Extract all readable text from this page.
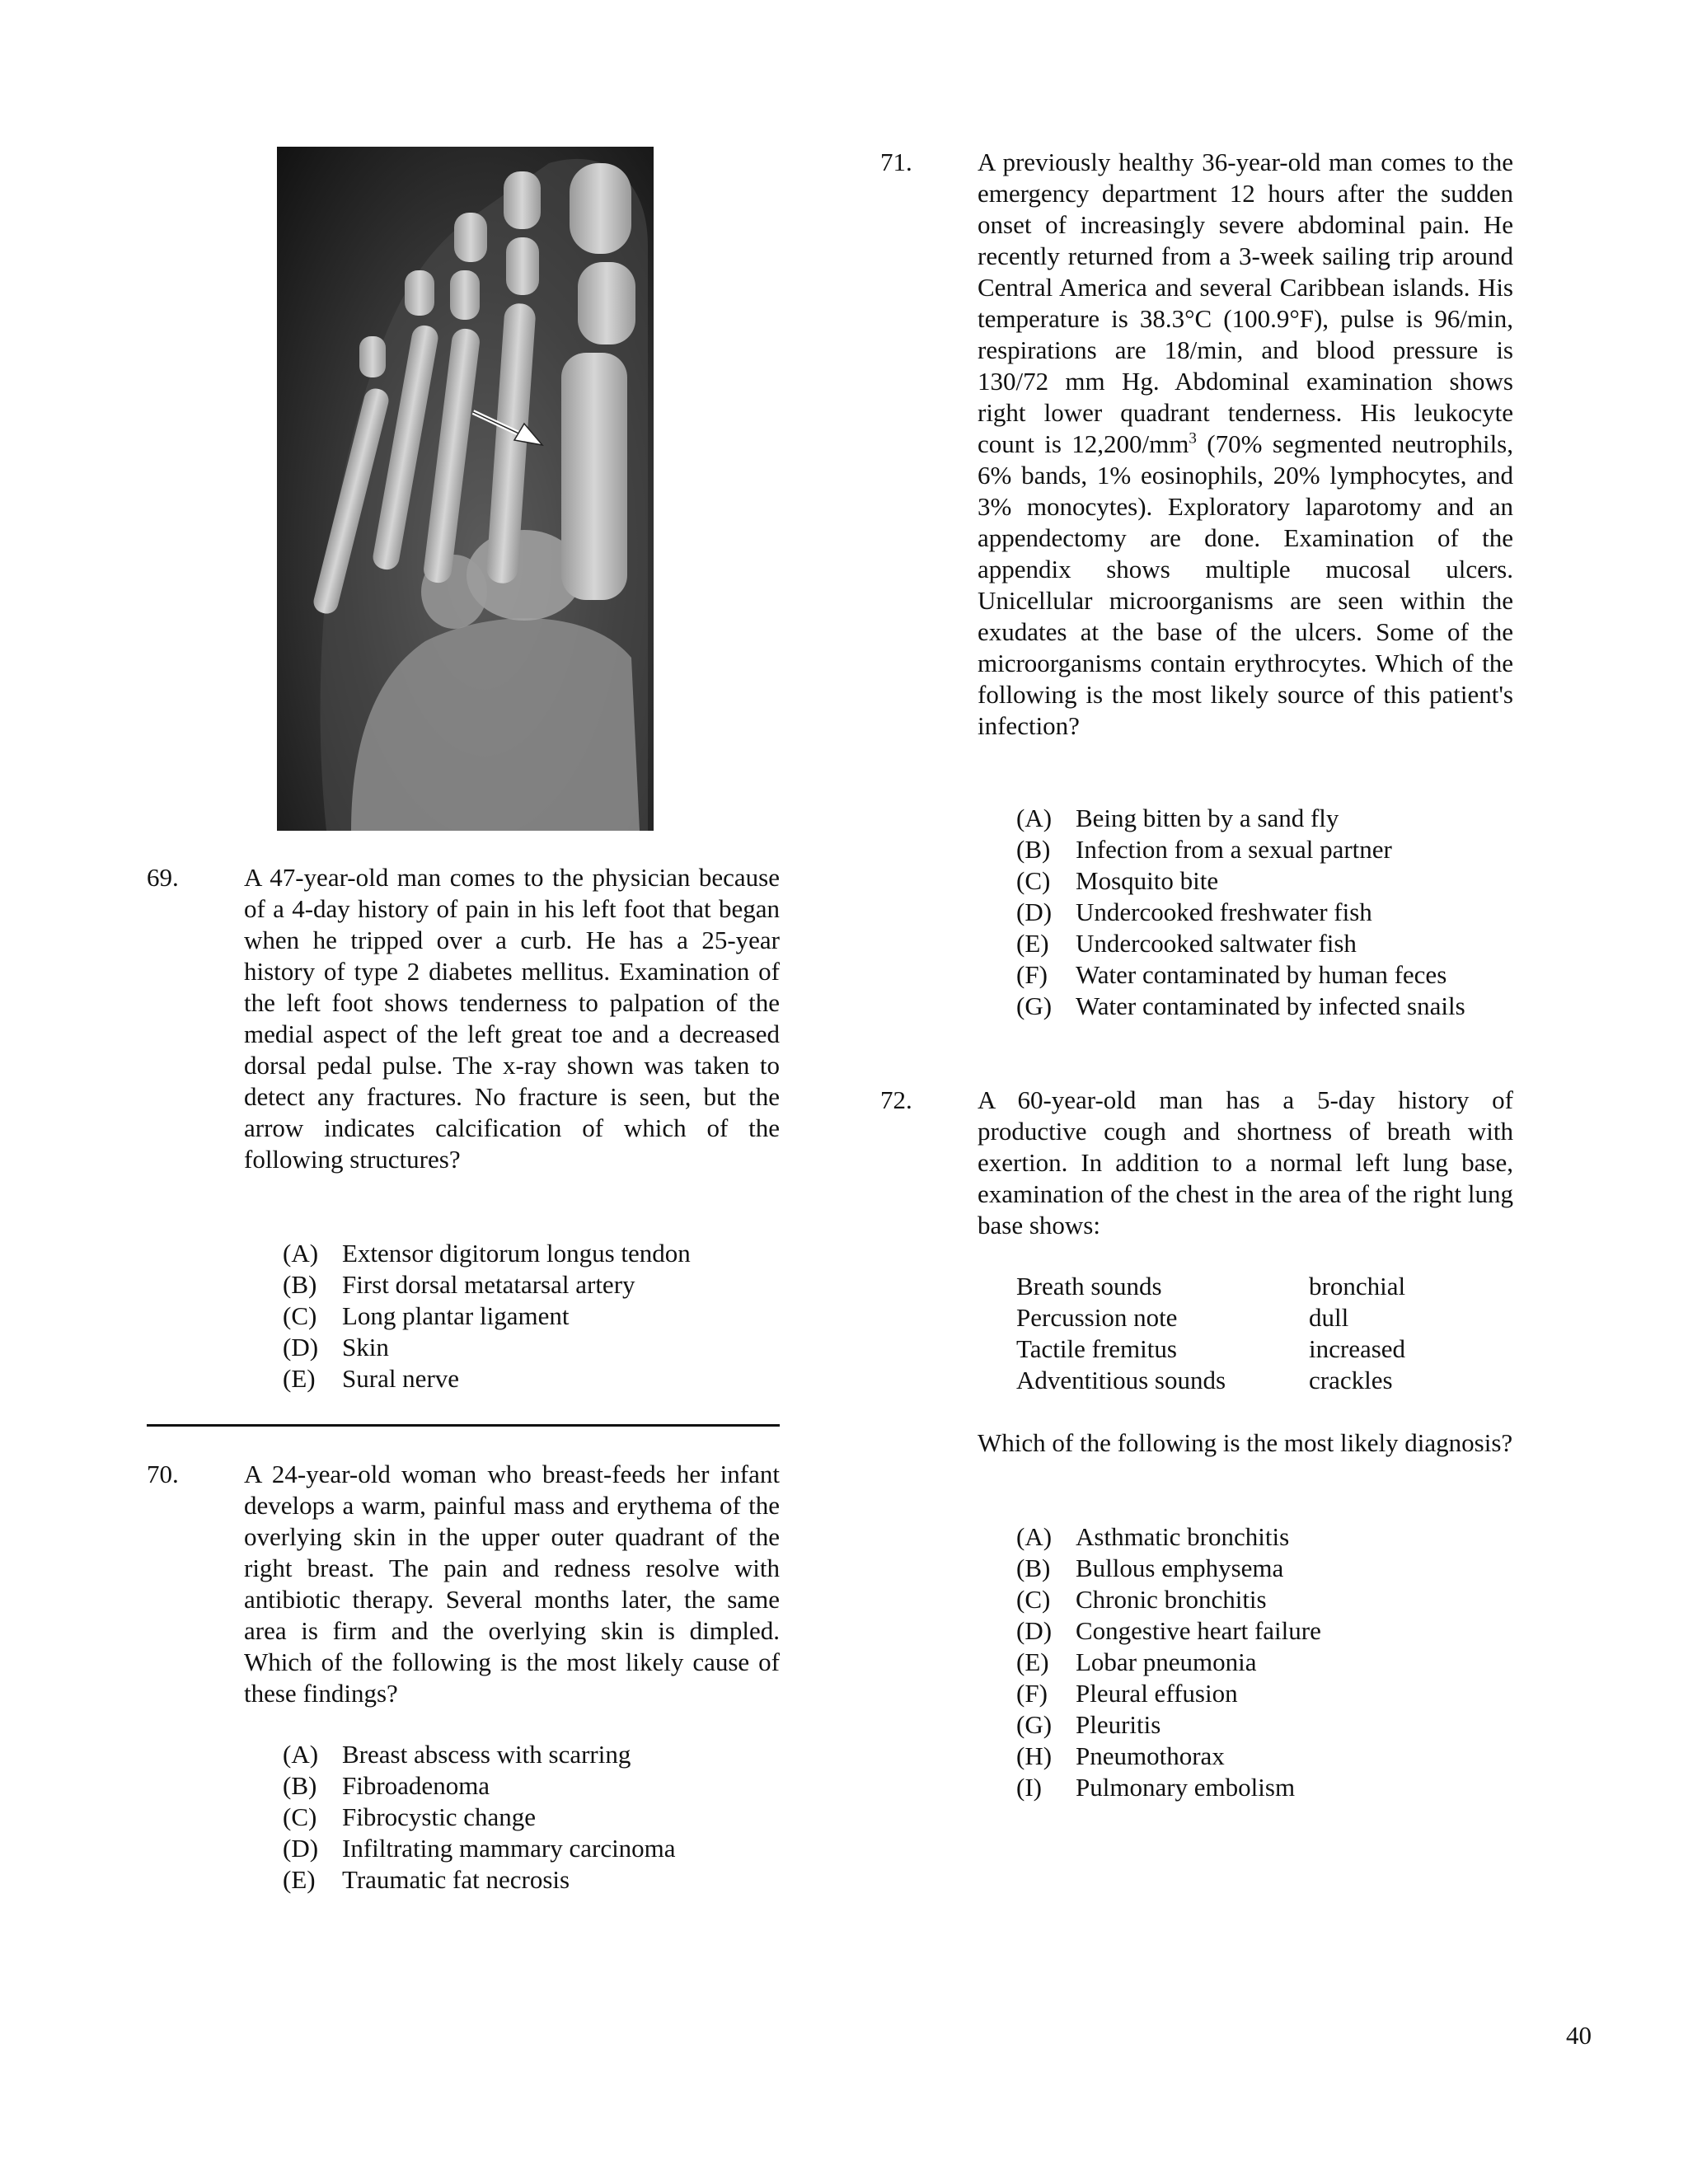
69.	A 47-year-old man comes to the physician because of a 4-day history of pain in his left foot that began when he tripped over a curb. He has a 25-year history of type 2 diabetes mellitus. Examination of the left foot shows tenderness to palpation of the medial aspect of the left great toe and a decreased dorsal pedal pulse. The x-ray shown was taken to detect any fractures. No fracture is seen, but the arrow indicates calcification of which of the following structures?
(A) Extensor digitorum longus tendon
(B) First dorsal metatarsal artery
(C) Long plantar ligament
(D) Skin
(E) Sural nerve
70.	A 24-year-old woman who breast-feeds her infant develops a warm, painful mass and erythema of the overlying skin in the upper outer quadrant of the right breast. The pain and redness resolve with antibiotic therapy. Several months later, the same area is firm and the overlying skin is dimpled. Which of the following is the most likely cause of these findings?
(A) Breast abscess with scarring
(B) Fibroadenoma
(C) Fibrocystic change
(D) Infiltrating mammary carcinoma
(E) Traumatic fat necrosis
71.	A previously healthy 36-year-old man comes to the emergency department 12 hours after the sudden onset of increasingly severe abdominal pain. He recently returned from a 3-week sailing trip around Central America and several Caribbean islands. His temperature is 38.3°C (100.9°F), pulse is 96/min, respirations are 18/min, and blood pressure is 130/72 mm Hg. Abdominal examination shows right lower quadrant tenderness. His leukocyte count is $12,200/mm^3$ (70% segmented neutrophils, 6% bands, 1% eosinophils, 20% lymphocytes, and 3% monocytes). Exploratory laparotomy and an appendectomy are done. Examination of the appendix shows multiple mucosal ulcers. Unicellular microorganisms are seen within the exudates at the base of the ulcers. Some of the microorganisms contain erythrocytes. Which of the following is the most likely source of this patient's infection?
(A) Being bitten by a sand fly
(B) Infection from a sexual partner
(C) Mosquito bite
(D) Undercooked freshwater fish
(E) Undercooked saltwater fish
(F) Water contaminated by human feces
(G) Water contaminated by infected snails
72.	A 60-year-old man has a 5-day history of productive cough and shortness of breath with exertion. In addition to a normal left lung base, examination of the chest in the area of the right lung base shows:
Breath sounds	bronchial
Percussion note	dull
Tactile fremitus	increased
Adventitious sounds	crackles
Which of the following is the most likely diagnosis?
(A) Asthmatic bronchitis
(B) Bullous emphysema
(C) Chronic bronchitis
(D) Congestive heart failure
(E) Lobar pneumonia
(F) Pleural effusion
(G) Pleuritis
(H) Pneumothorax
(I) Pulmonary embolism
40
